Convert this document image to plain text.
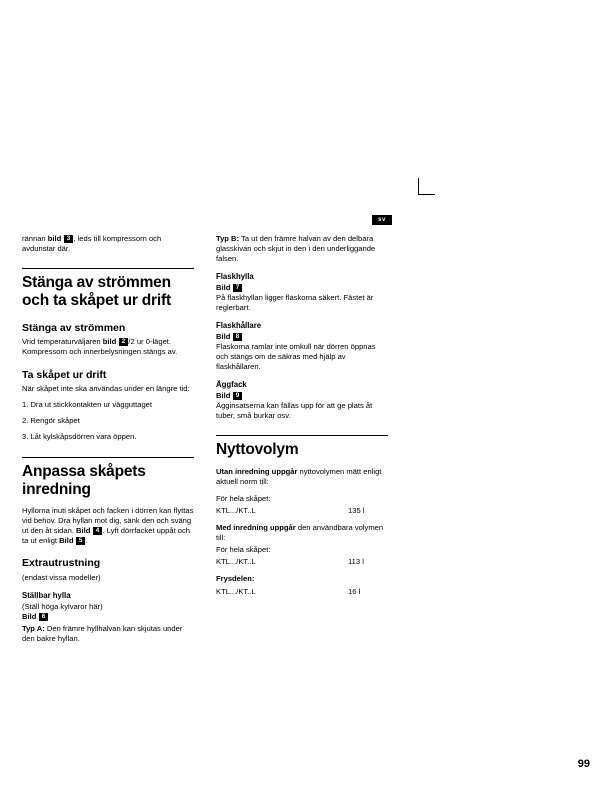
sv

rännan bild 3 , leds till kompressorn och avdunstar där.

Stänga av strömmen och ta skåpet ur drift
Stänga av strömmen

Vrid temperaturväljaren bild 2 /2 ur 0-läget. Kompressorn och innerbelysningen stängs av.

Ta skåpet ur drift

När skåpet inte ska användas under en längre tid:

1. Dra ut stickkontakten ur vägguttaget
2. Rengör skåpet
3. Låt kylskåpsdörren vara öppen.
Anpassa skåpets inredning

Hyllorna inuti skåpet och facken i dörren kan flyttas vid behov. Dra hyllan mot dig, sänk den och sväng ut den åt sidan. Bild 4 . Lyft dörrfacket uppåt och ta ut enligt Bild 5 .

Extrautrustning

(endast vissa modeller)

Ställbar hylla

(Ställ höga kylvaror här)

Bild 6

Typ A: Den främre hyllhalvan kan skjutas under den bakre hyllan.

Typ B: Ta ut den främre halvan av den delbara glasskivan och skjut in den i den underliggande falsen.

Flaskhylla

Bild 7

På flaskhyllan ligger flaskorna säkert. Fästet är reglerbart.

Flaskhållare

Bild 8

Flaskorna ramlar inte omkull när dörren öppnas och stängs om de säkras med hjälp av flaskhållaren.

Äggfack

Bild 9

Ägginsatserna kan fällas upp för att ge plats åt tuber, små burkar osv.

Nyttovolym

Utan inredning uppgår nyttovolymen mätt enligt aktuell norm till:

För hela skåpet:

KTL.../KT..L	135 l

Med inredning uppgår den användbara volymen till:

För hela skåpet:

KTL.../KT..L	113 l

Frysdelen:

KTL.../KT..L	16 l
99
